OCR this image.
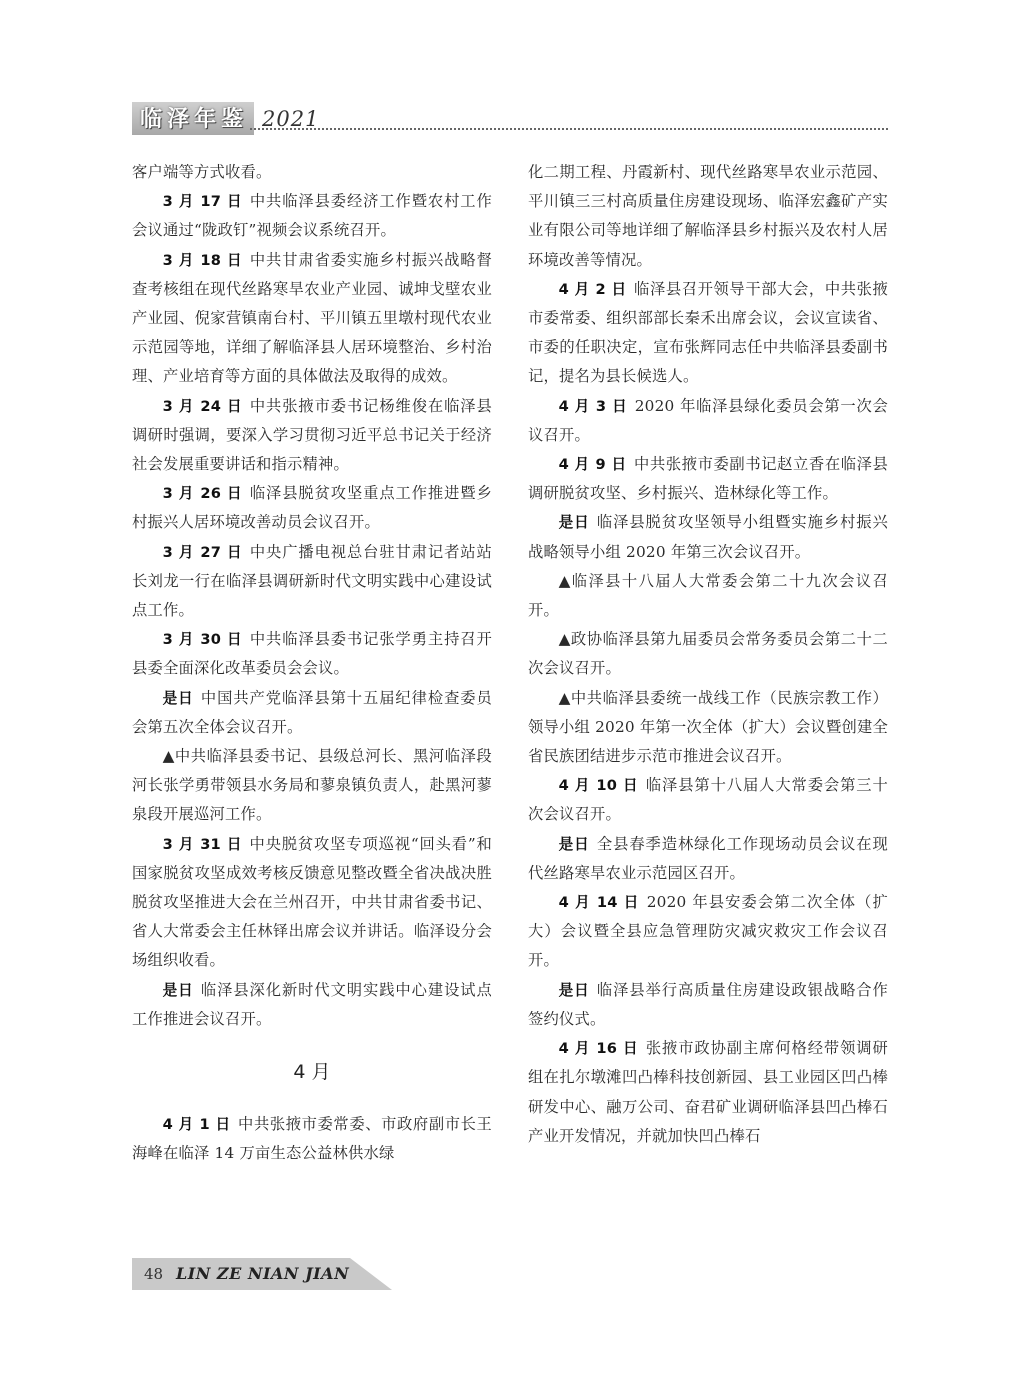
临泽年鉴 2021

客户端等方式收看。

3 月 17 日 中共临泽县委经济工作暨农村工作会议通过“陇政钉”视频会议系统召开。

3 月 18 日 中共甘肃省委实施乡村振兴战略督查考核组在现代丝路寒旱农业产业园、诚坤戈壁农业产业园、倪家营镇南台村、平川镇五里墩村现代农业示范园等地，详细了解临泽县人居环境整治、乡村治理、产业培育等方面的具体做法及取得的成效。

3 月 24 日 中共张掖市委书记杨维俊在临泽县调研时强调，要深入学习贯彻习近平总书记关于经济社会发展重要讲话和指示精神。

3 月 26 日 临泽县脱贫攻坚重点工作推进暨乡村振兴人居环境改善动员会议召开。

3 月 27 日 中央广播电视总台驻甘肃记者站站长刘龙一行在临泽县调研新时代文明实践中心建设试点工作。

3 月 30 日 中共临泽县委书记张学勇主持召开县委全面深化改革委员会会议。

是日 中国共产党临泽县第十五届纪律检查委员会第五次全体会议召开。

▲中共临泽县委书记、县级总河长、黑河临泽段河长张学勇带领县水务局和蓼泉镇负责人，赴黑河蓼泉段开展巡河工作。

3 月 31 日 中央脱贫攻坚专项巡视“回头看”和国家脱贫攻坚成效考核反馈意见整改暨全省决战决胜脱贫攻坚推进大会在兰州召开，中共甘肃省委书记、省人大常委会主任林铎出席会议并讲话。临泽设分会场组织收看。

是日 临泽县深化新时代文明实践中心建设试点工作推进会议召开。

4 月

4 月 1 日 中共张掖市委常委、市政府副市长王海峰在临泽 14 万亩生态公益林供水绿

化二期工程、丹霞新村、现代丝路寒旱农业示范园、平川镇三三村高质量住房建设现场、临泽宏鑫矿产实业有限公司等地详细了解临泽县乡村振兴及农村人居环境改善等情况。

4 月 2 日 临泽县召开领导干部大会，中共张掖市委常委、组织部部长秦禾出席会议，会议宣读省、市委的任职决定，宣布张辉同志任中共临泽县委副书记，提名为县长候选人。

4 月 3 日 2020 年临泽县绿化委员会第一次会议召开。

4 月 9 日 中共张掖市委副书记赵立香在临泽县调研脱贫攻坚、乡村振兴、造林绿化等工作。

是日 临泽县脱贫攻坚领导小组暨实施乡村振兴战略领导小组 2020 年第三次会议召开。

▲临泽县十八届人大常委会第二十九次会议召开。

▲政协临泽县第九届委员会常务委员会第二十二次会议召开。

▲中共临泽县委统一战线工作（民族宗教工作）领导小组 2020 年第一次全体（扩大）会议暨创建全省民族团结进步示范市推进会议召开。

4 月 10 日 临泽县第十八届人大常委会第三十次会议召开。

是日 全县春季造林绿化工作现场动员会议在现代丝路寒旱农业示范园区召开。

4 月 14 日 2020 年县安委会第二次全体（扩大）会议暨全县应急管理防灾减灾救灾工作会议召开。

是日 临泽县举行高质量住房建设政银战略合作签约仪式。

4 月 16 日 张掖市政协副主席何格经带领调研组在扎尔墩滩凹凸棒科技创新园、县工业园区凹凸棒研发中心、融万公司、奋君矿业调研临泽县凹凸棒石产业开发情况，并就加快凹凸棒石

48 LIN ZE NIAN JIAN
